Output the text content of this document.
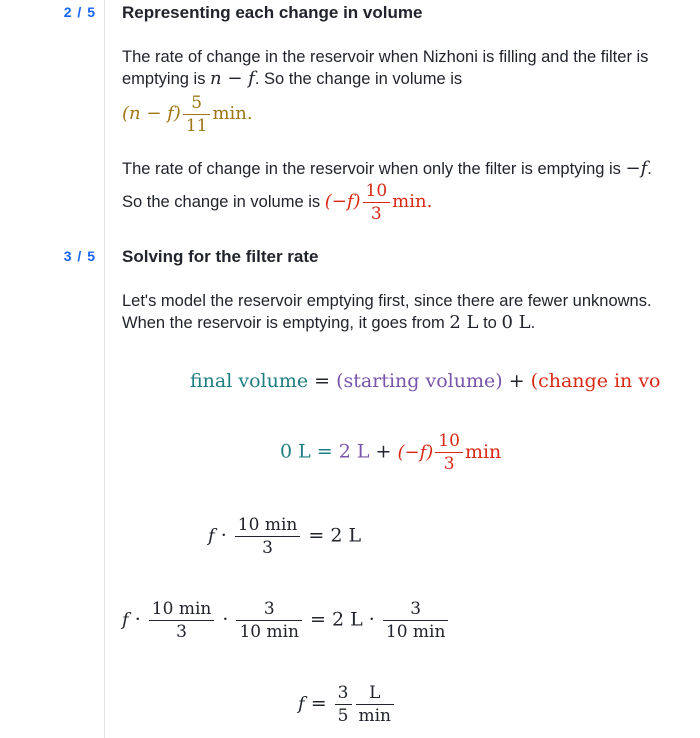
2 / 5 Representing each change in volume
The rate of change in the reservoir when Nizhoni is filling and the filter is emptying is n − f. So the change in volume is
$(n - f) \frac{5}{11} \min$.
The rate of change in the reservoir when only the filter is emptying is −f. So the change in volume is $(-f) \frac{10}{3} \min$.
3 / 5 Solving for the filter rate
Let's model the reservoir emptying first, since there are fewer unknowns. When the reservoir is emptying, it goes from 2 L to 0 L.
final volume = (starting volume) + (change in vo
0 L = 2 $L + (-f) \frac{10}{3}$ min
$f \cdot \frac{10 \min}{3} = 2$ L
$f \cdot \frac{10 \min}{3} \cdot \frac{3}{10 \min} = 2$ $L \cdot \frac{3}{10 \min}$
$f = \frac{3}{5} \frac{L}{\min}$
